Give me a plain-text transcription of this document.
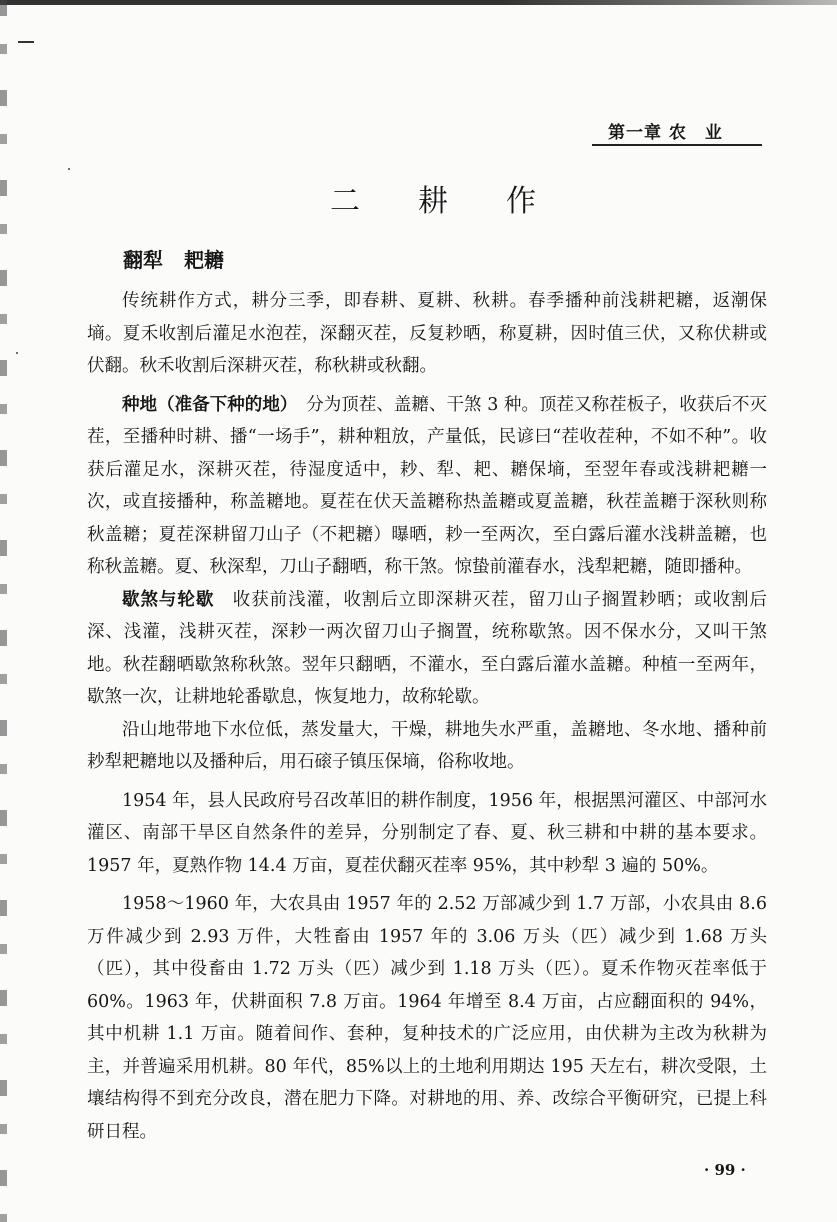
第一章 农　业
二耕作
翻犁 耙耱

传统耕作方式，耕分三季，即春耕、夏耕、秋耕。春季播种前浅耕耙耱，返潮保墒。夏禾收割后灌足水泡茬，深翻灭茬，反复耖晒，称夏耕，因时值三伏，又称伏耕或伏翻。秋禾收割后深耕灭茬，称秋耕或秋翻。

种地（准备下种的地）　分为顶茬、盖耱、干煞 3 种。顶茬又称茬板子，收获后不灭茬，至播种时耕、播“一场手”，耕种粗放，产量低，民谚曰“茬收茬种，不如不种”。收获后灌足水，深耕灭茬，待湿度适中，耖、犁、耙、耱保墒，至翌年春或浅耕耙耱一次，或直接播种，称盖耱地。夏茬在伏天盖耱称热盖耱或夏盖耱，秋茬盖耱于深秋则称秋盖耱；夏茬深耕留刀山子（不耙耱）曝晒，耖一至两次，至白露后灌水浅耕盖耱，也称秋盖耱。夏、秋深犁，刀山子翻晒，称干煞。惊蛰前灌春水，浅犁耙耱，随即播种。

歇煞与轮歇　收获前浅灌，收割后立即深耕灭茬，留刀山子搁置耖晒；或收割后深、浅灌，浅耕灭茬，深耖一两次留刀山子搁置，统称歇煞。因不保水分，又叫干煞地。秋茬翻晒歇煞称秋煞。翌年只翻晒，不灌水，至白露后灌水盖耱。种植一至两年，歇煞一次，让耕地轮番歇息，恢复地力，故称轮歇。

沿山地带地下水位低，蒸发量大，干燥，耕地失水严重，盖耱地、冬水地、播种前耖犁耙耱地以及播种后，用石磙子镇压保墒，俗称收地。

1954 年，县人民政府号召改革旧的耕作制度，1956 年，根据黑河灌区、中部河水灌区、南部干旱区自然条件的差异，分别制定了春、夏、秋三耕和中耕的基本要求。1957 年，夏熟作物 14.4 万亩，夏茬伏翻灭茬率 95%，其中耖犁 3 遍的 50%。

1958～1960 年，大农具由 1957 年的 2.52 万部减少到 1.7 万部，小农具由 8.6 万件减少到 2.93 万件，大牲畜由 1957 年的 3.06 万头（匹）减少到 1.68 万头（匹），其中役畜由 1.72 万头（匹）减少到 1.18 万头（匹）。夏禾作物灭茬率低于 60%。1963 年，伏耕面积 7.8 万亩。1964 年增至 8.4 万亩，占应翻面积的 94%，其中机耕 1.1 万亩。随着间作、套种，复种技术的广泛应用，由伏耕为主改为秋耕为主，并普遍采用机耕。80 年代，85%以上的土地利用期达 195 天左右，耕次受限，土壤结构得不到充分改良，潜在肥力下降。对耕地的用、养、改综合平衡研究，已提上科研日程。

· 99 ·
